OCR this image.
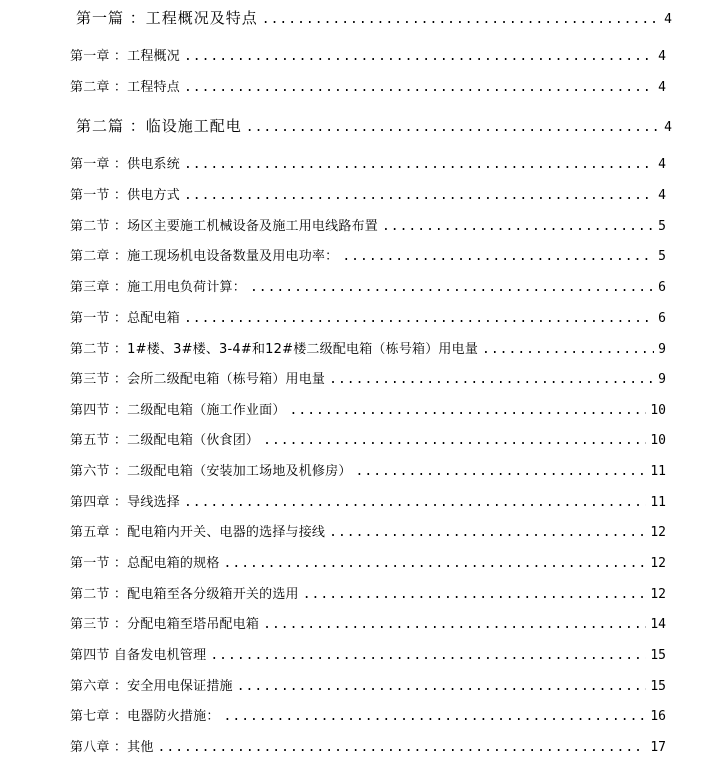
第一篇 ：工程概况及特点 .....	4
第一章 ：工程概况 .....	4
第二章 ：工程特点 .....	4
第二篇 ：临设施工配电 .....	4
第一章 ：供电系统 .....	4
第一节 ：供电方式 .....	4
第二节 ：场区主要施工机械设备及施工用电线路布置 .....	5
第二章 ：施工现场机电设备数量及用电功率： .....	5
第三章 ：施工用电负荷计算： .....	6
第一节 ：总配电箱 .....	6
第二节 ：1#楼、3#楼、3-4#和12#楼二级配电箱（栋号箱）用电量 .....	9
第三节 ：会所二级配电箱（栋号箱）用电量 .....	9
第四节 ：二级配电箱（施工作业面） .....	10
第五节 ：二级配电箱（伙食团） .....	10
第六节 ：二级配电箱（安装加工场地及机修房） .....	11
第四章 ：导线选择 .....	11
第五章 ：配电箱内开关、电器的选择与接线 .....	12
第一节 ：总配电箱的规格 .....	12
第二节 ：配电箱至各分级箱开关的选用 .....	12
第三节 ：分配电箱至塔吊配电箱 .....	14
第四节 自备发电机管理 .....	15
第六章 ：安全用电保证措施 .....	15
第七章 ：电器防火措施： .....	16
第八章 ：其他 .....	17
